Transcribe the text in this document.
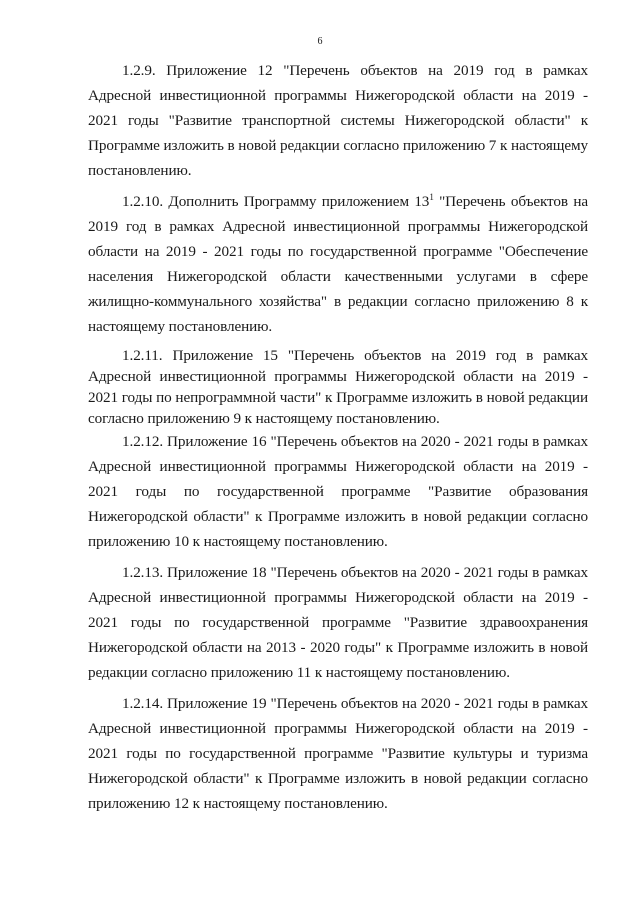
6

1.2.9. Приложение 12 "Перечень объектов на 2019 год в рамках Адресной инвестиционной программы Нижегородской области на 2019 - 2021 годы "Развитие транспортной системы Нижегородской области" к Программе изложить в новой редакции согласно приложению 7 к настоящему постановлению.

1.2.10. Дополнить Программу приложением $13^1$ "Перечень объектов на 2019 год в рамках Адресной инвестиционной программы Нижегородской области на 2019 - 2021 годы по государственной программе "Обеспечение населения Нижегородской области качественными услугами в сфере жилищно-коммунального хозяйства" в редакции согласно приложению 8 к настоящему постановлению.

1.2.11. Приложение 15 "Перечень объектов на 2019 год в рамках Адресной инвестиционной программы Нижегородской области на 2019 - 2021 годы по непрограммной части" к Программе изложить в новой редакции согласно приложению 9 к настоящему постановлению.

1.2.12. Приложение 16 "Перечень объектов на 2020 - 2021 годы в рамках Адресной инвестиционной программы Нижегородской области на 2019 - 2021 годы по государственной программе "Развитие образования Нижегородской области" к Программе изложить в новой редакции согласно приложению 10 к настоящему постановлению.

1.2.13. Приложение 18 "Перечень объектов на 2020 - 2021 годы в рамках Адресной инвестиционной программы Нижегородской области на 2019 - 2021 годы по государственной программе "Развитие здравоохранения Нижегородской области на 2013 - 2020 годы" к Программе изложить в новой редакции согласно приложению 11 к настоящему постановлению.

1.2.14. Приложение 19 "Перечень объектов на 2020 - 2021 годы в рамках Адресной инвестиционной программы Нижегородской области на 2019 - 2021 годы по государственной программе "Развитие культуры и туризма Нижегородской области" к Программе изложить в новой редакции согласно приложению 12 к настоящему постановлению.
